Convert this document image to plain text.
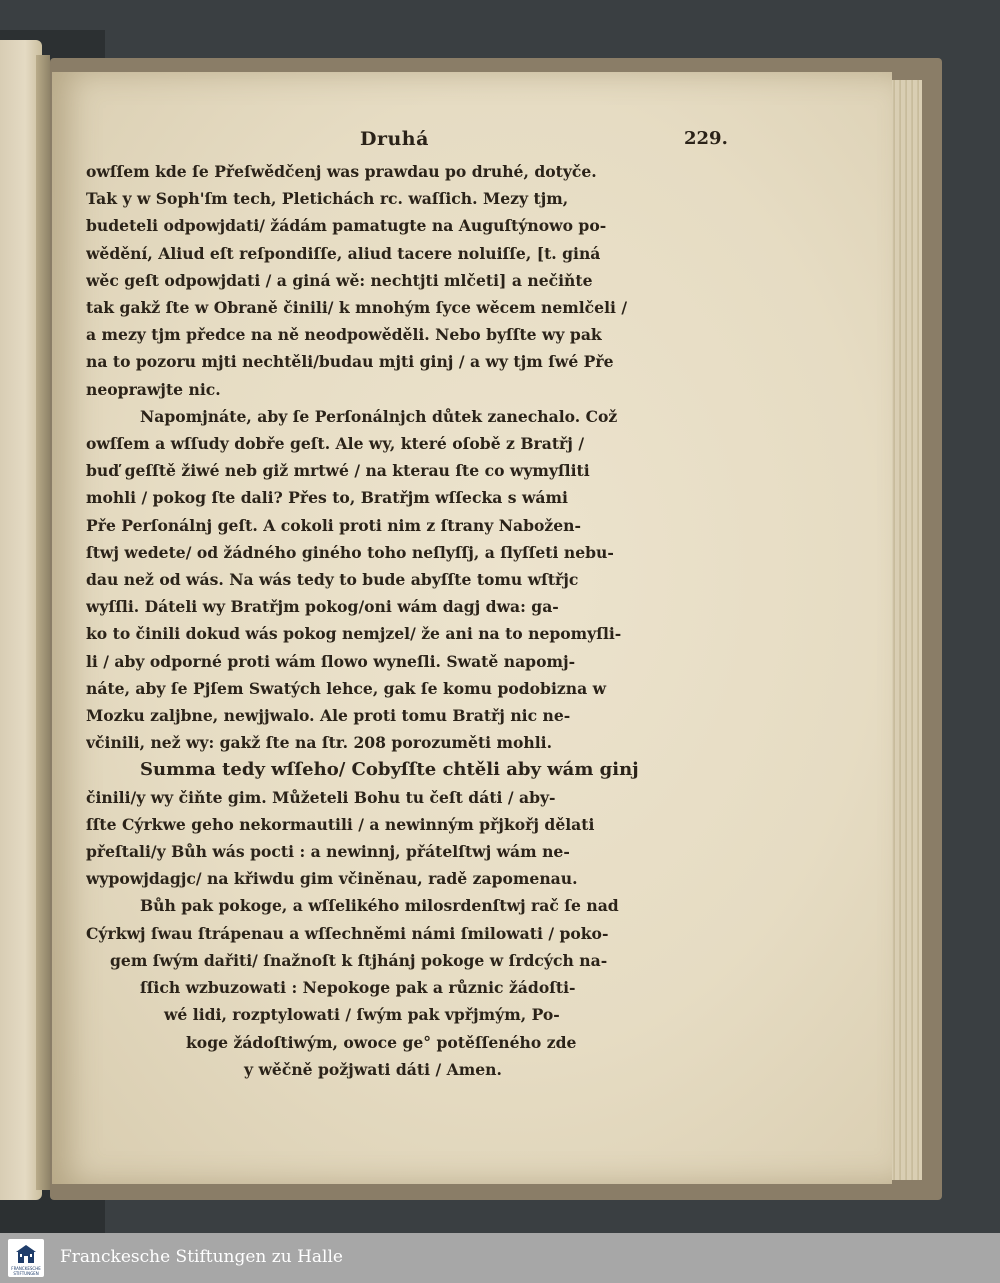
Druhá	229.
owſſem kde ſe Přeſwědčenj was prawdau po druhé, dotyče.
Tak y w Soph'ſm tech, Pletichách rc. waſſich. Mezy tjm,
budeteli odpowjdati/ žádám pamatugte na Auguſtýnowo po-
wědění, Aliud eſt reſpondiſſe, aliud tacere noluiſſe, [t. giná
wěc geſt odpowjdati / a giná wě: nechtjti mlčeti] a nečiňte
tak gakž ſte w Obraně činili/ k mnohým ſyce wěcem nemlčeli /
a mezy tjm předce na ně neodpowěděli. Nebo byſſte wy pak
na to pozoru mjti nechtěli/budau mjti ginj / a wy tjm ſwé Pře
neoprawjte nic.
Napomjnáte, aby ſe Perſonálnjch důtek zanechalo. Což
owſſem a wſſudy dobře geſt. Ale wy, které oſobě z Bratřj /
buď geſſtě žiwé neb giž mrtwé / na kterau ſte co wymyſliti
mohli / pokog ſte dali? Přes to, Bratřjm wſſecka s wámi
Pře Perſonálnj geſt. A cokoli proti nim z ſtrany Nabožen-
ſtwj wedete/ od žádného giného toho neſlyſſj, a ſlyſſeti nebu-
dau než od wás. Na wás tedy to bude abyſſte tomu wſtřjc
wyſſli. Dáteli wy Bratřjm pokog/oni wám dagj dwa: ga-
ko to činili dokud wás pokog nemjzel/ že ani na to nepomyſli-
li / aby odporné proti wám ſlowo wyneſli. Swatě napomj-
náte, aby ſe Pjſem Swatých lehce, gak ſe komu podobizna w
Mozku zaljbne, newjjwalo. Ale proti tomu Bratřj nic ne-
včinili, než wy: gakž ſte na ſtr. 208 porozuměti mohli.
Summa tedy wſſeho/ Cobyſſte chtěli aby wám ginj
činili/y wy čiňte gim. Můžeteli Bohu tu čeſt dáti / aby-
ſſte Cýrkwe geho nekormautili / a newinným přjkořj dělati
přeſtali/y Bůh wás pocti : a newinnj, přátelſtwj wám ne-
wypowjdagjc/ na křiwdu gim včiněnau, radě zapomenau.
Bůh pak pokoge, a wſſelikého milosrdenſtwj rač ſe nad
Cýrkwj ſwau ſtrápenau a wſſechněmi námi ſmilowati / poko-
gem ſwým dařiti/ ſnažnoſt k ſtjhánj pokoge w ſrdcých na-
ſſich wzbuzowati : Nepokoge pak a různic žádoſti-
wé lidi, rozptylowati / ſwým pak vpřjmým, Po-
koge žádoſtiwým, owoce ge° potěſſeného zde
y wěčně požjwati dáti / Amen.
FRANCKESCHE STIFTUNGEN
Franckesche Stiftungen zu Halle
